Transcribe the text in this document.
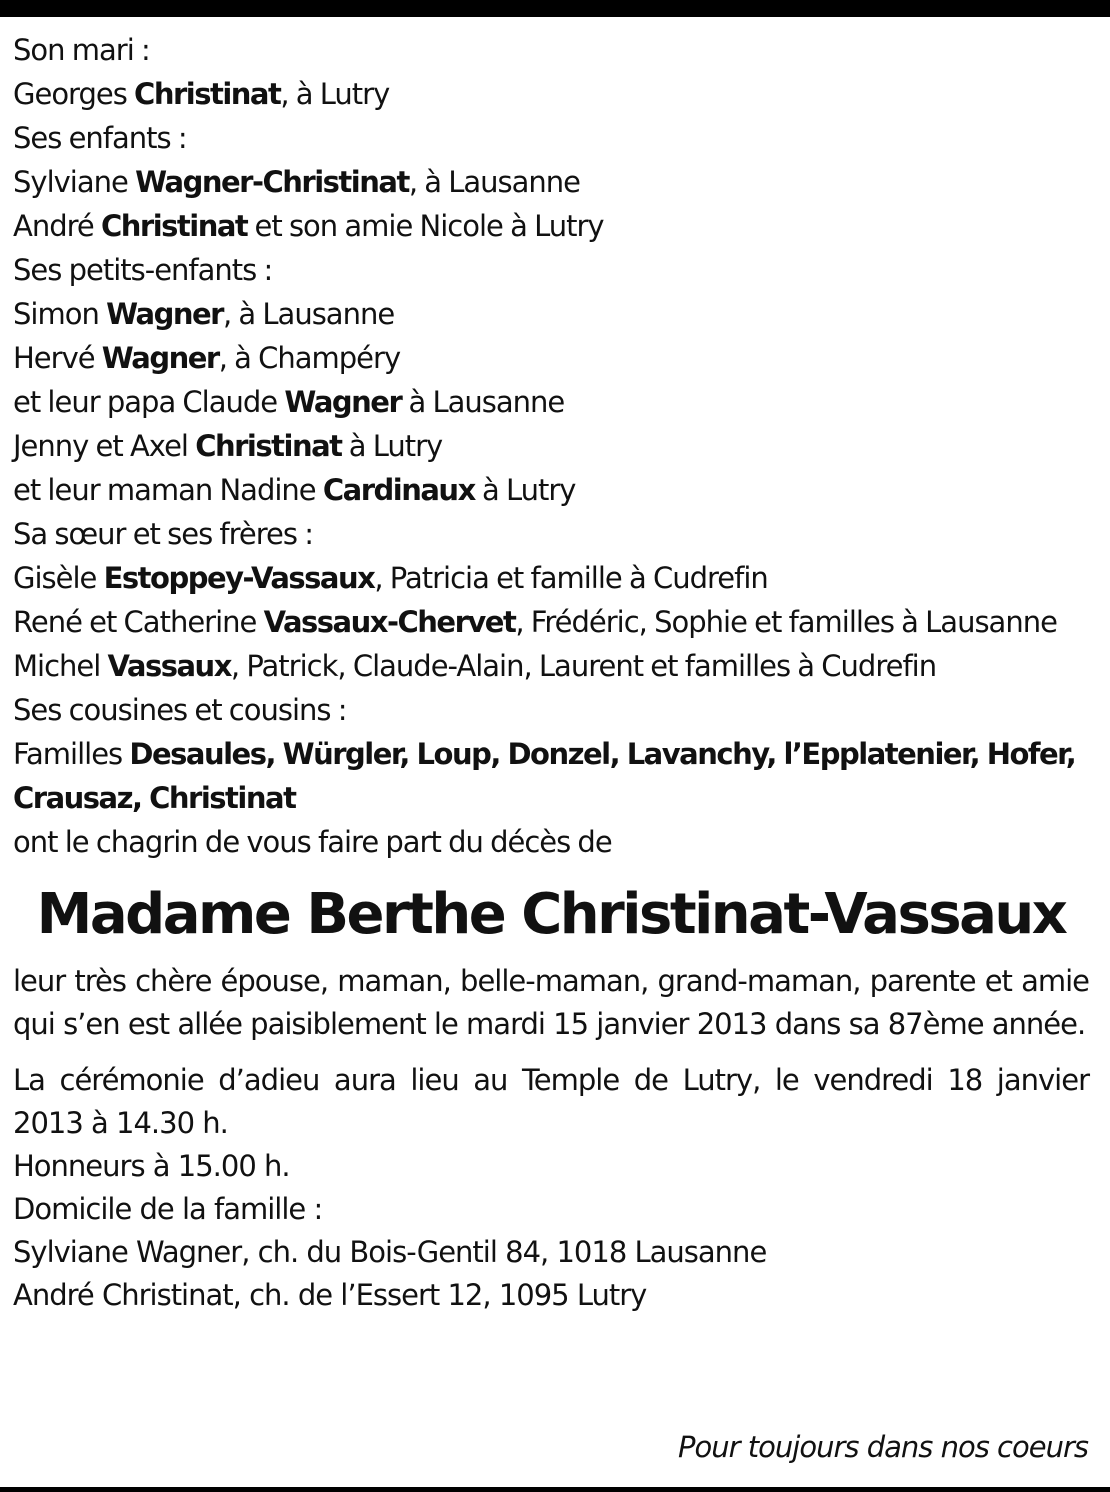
Son mari :
Georges Christinat, à Lutry
Ses enfants :
Sylviane Wagner-Christinat, à Lausanne
André Christinat et son amie Nicole à Lutry
Ses petits-enfants :
Simon Wagner, à Lausanne
Hervé Wagner, à Champéry
et leur papa Claude Wagner à Lausanne
Jenny et Axel Christinat à Lutry
et leur maman Nadine Cardinaux à Lutry
Sa sœur et ses frères :
Gisèle Estoppey-Vassaux, Patricia et famille à Cudrefin
René et Catherine Vassaux-Chervet, Frédéric, Sophie et familles à Lausanne
Michel Vassaux, Patrick, Claude-Alain, Laurent et familles à Cudrefin
Ses cousines et cousins :
Familles Desaules, Würgler, Loup, Donzel, Lavanchy, l’Epplatenier, Hofer, Crausaz, Christinat
ont le chagrin de vous faire part du décès de
Madame Berthe Christinat-Vassaux
leur très chère épouse, maman, belle-maman, grand-maman, parente et amie qui s’en est allée paisiblement le mardi 15 janvier 2013 dans sa 87ème année.
La cérémonie d’adieu aura lieu au Temple de Lutry, le vendredi 18 janvier 2013 à 14.30 h.
Honneurs à 15.00 h.
Domicile de la famille :
Sylviane Wagner, ch. du Bois-Gentil 84, 1018 Lausanne
André Christinat, ch. de l’Essert 12, 1095 Lutry
Pour toujours dans nos coeurs
